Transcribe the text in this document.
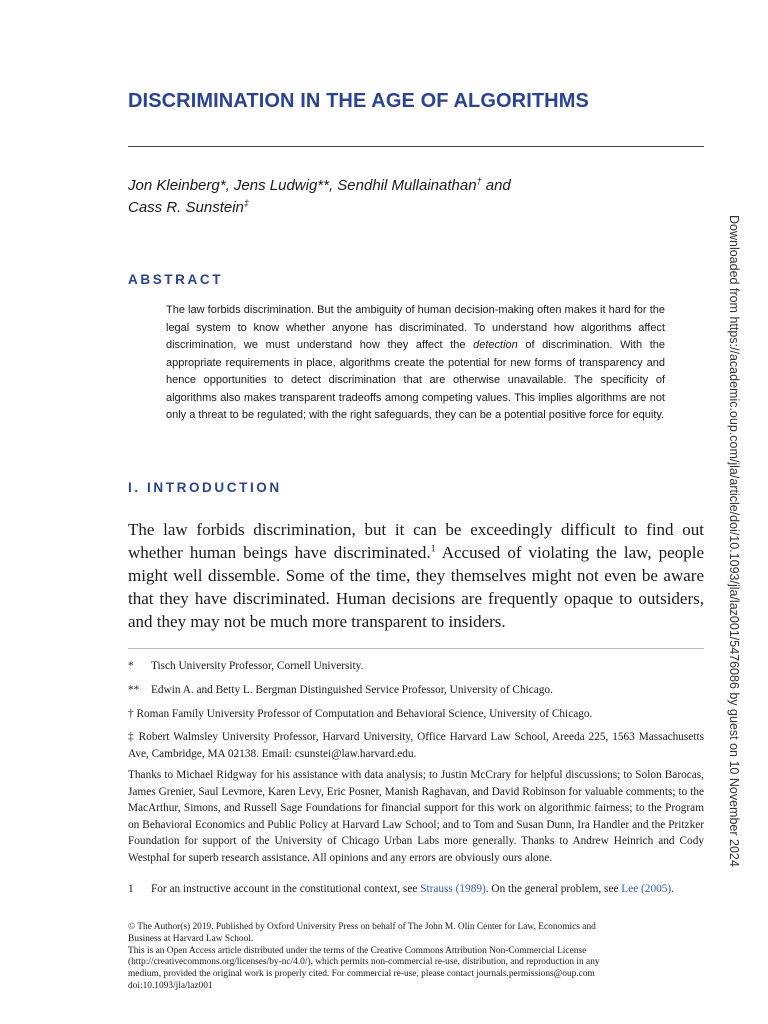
DISCRIMINATION IN THE AGE OF ALGORITHMS

Jon Kleinberg*, Jens Ludwig**, Sendhil Mullainathan† and
Cass R. Sunstein‡

ABSTRACT

The law forbids discrimination. But the ambiguity of human decision-making often makes it hard for the legal system to know whether anyone has discriminated. To understand how algorithms affect discrimination, we must understand how they affect the detection of discrimination. With the appropriate requirements in place, algorithms create the potential for new forms of transparency and hence opportunities to detect discrimination that are otherwise unavailable. The specificity of algorithms also makes transparent tradeoffs among competing values. This implies algorithms are not only a threat to be regulated; with the right safeguards, they can be a potential positive force for equity.

I. INTRODUCTION

The law forbids discrimination, but it can be exceedingly difficult to find out whether human beings have discriminated.$^1$ Accused of violating the law, people might well dissemble. Some of the time, they themselves might not even be aware that they have discriminated. Human decisions are frequently opaque to outsiders, and they may not be much more transparent to insiders.

* Tisch University Professor, Cornell University.

** Edwin A. and Betty L. Bergman Distinguished Service Professor, University of Chicago.

† Roman Family University Professor of Computation and Behavioral Science, University of Chicago.

‡ Robert Walmsley University Professor, Harvard University, Office Harvard Law School, Areeda 225, 1563 Massachusetts Ave, Cambridge, MA 02138. Email: csunstei@law.harvard.edu.

Thanks to Michael Ridgway for his assistance with data analysis; to Justin McCrary for helpful discussions; to Solon Barocas, James Grenier, Saul Levmore, Karen Levy, Eric Posner, Manish Raghavan, and David Robinson for valuable comments; to the MacArthur, Simons, and Russell Sage Foundations for financial support for this work on algorithmic fairness; to the Program on Behavioral Economics and Public Policy at Harvard Law School; and to Tom and Susan Dunn, Ira Handler and the Pritzker Foundation for support of the University of Chicago Urban Labs more generally. Thanks to Andrew Heinrich and Cody Westphal for superb research assistance. All opinions and any errors are obviously ours alone.

1 For an instructive account in the constitutional context, see Strauss (1989). On the general problem, see Lee (2005).

© The Author(s) 2019. Published by Oxford University Press on behalf of The John M. Olin Center for Law, Economics and
Business at Harvard Law School.
This is an Open Access article distributed under the terms of the Creative Commons Attribution Non-Commercial License
(http://creativecommons.org/licenses/by-nc/4.0/), which permits non-commercial re-use, distribution, and reproduction in any
medium, provided the original work is properly cited. For commercial re-use, please contact journals.permissions@oup.com
doi:10.1093/jla/laz001
Downloaded from https://academic.oup.com/jla/article/doi/10.1093/jla/laz001/5476086 by guest on 10 November 2024
